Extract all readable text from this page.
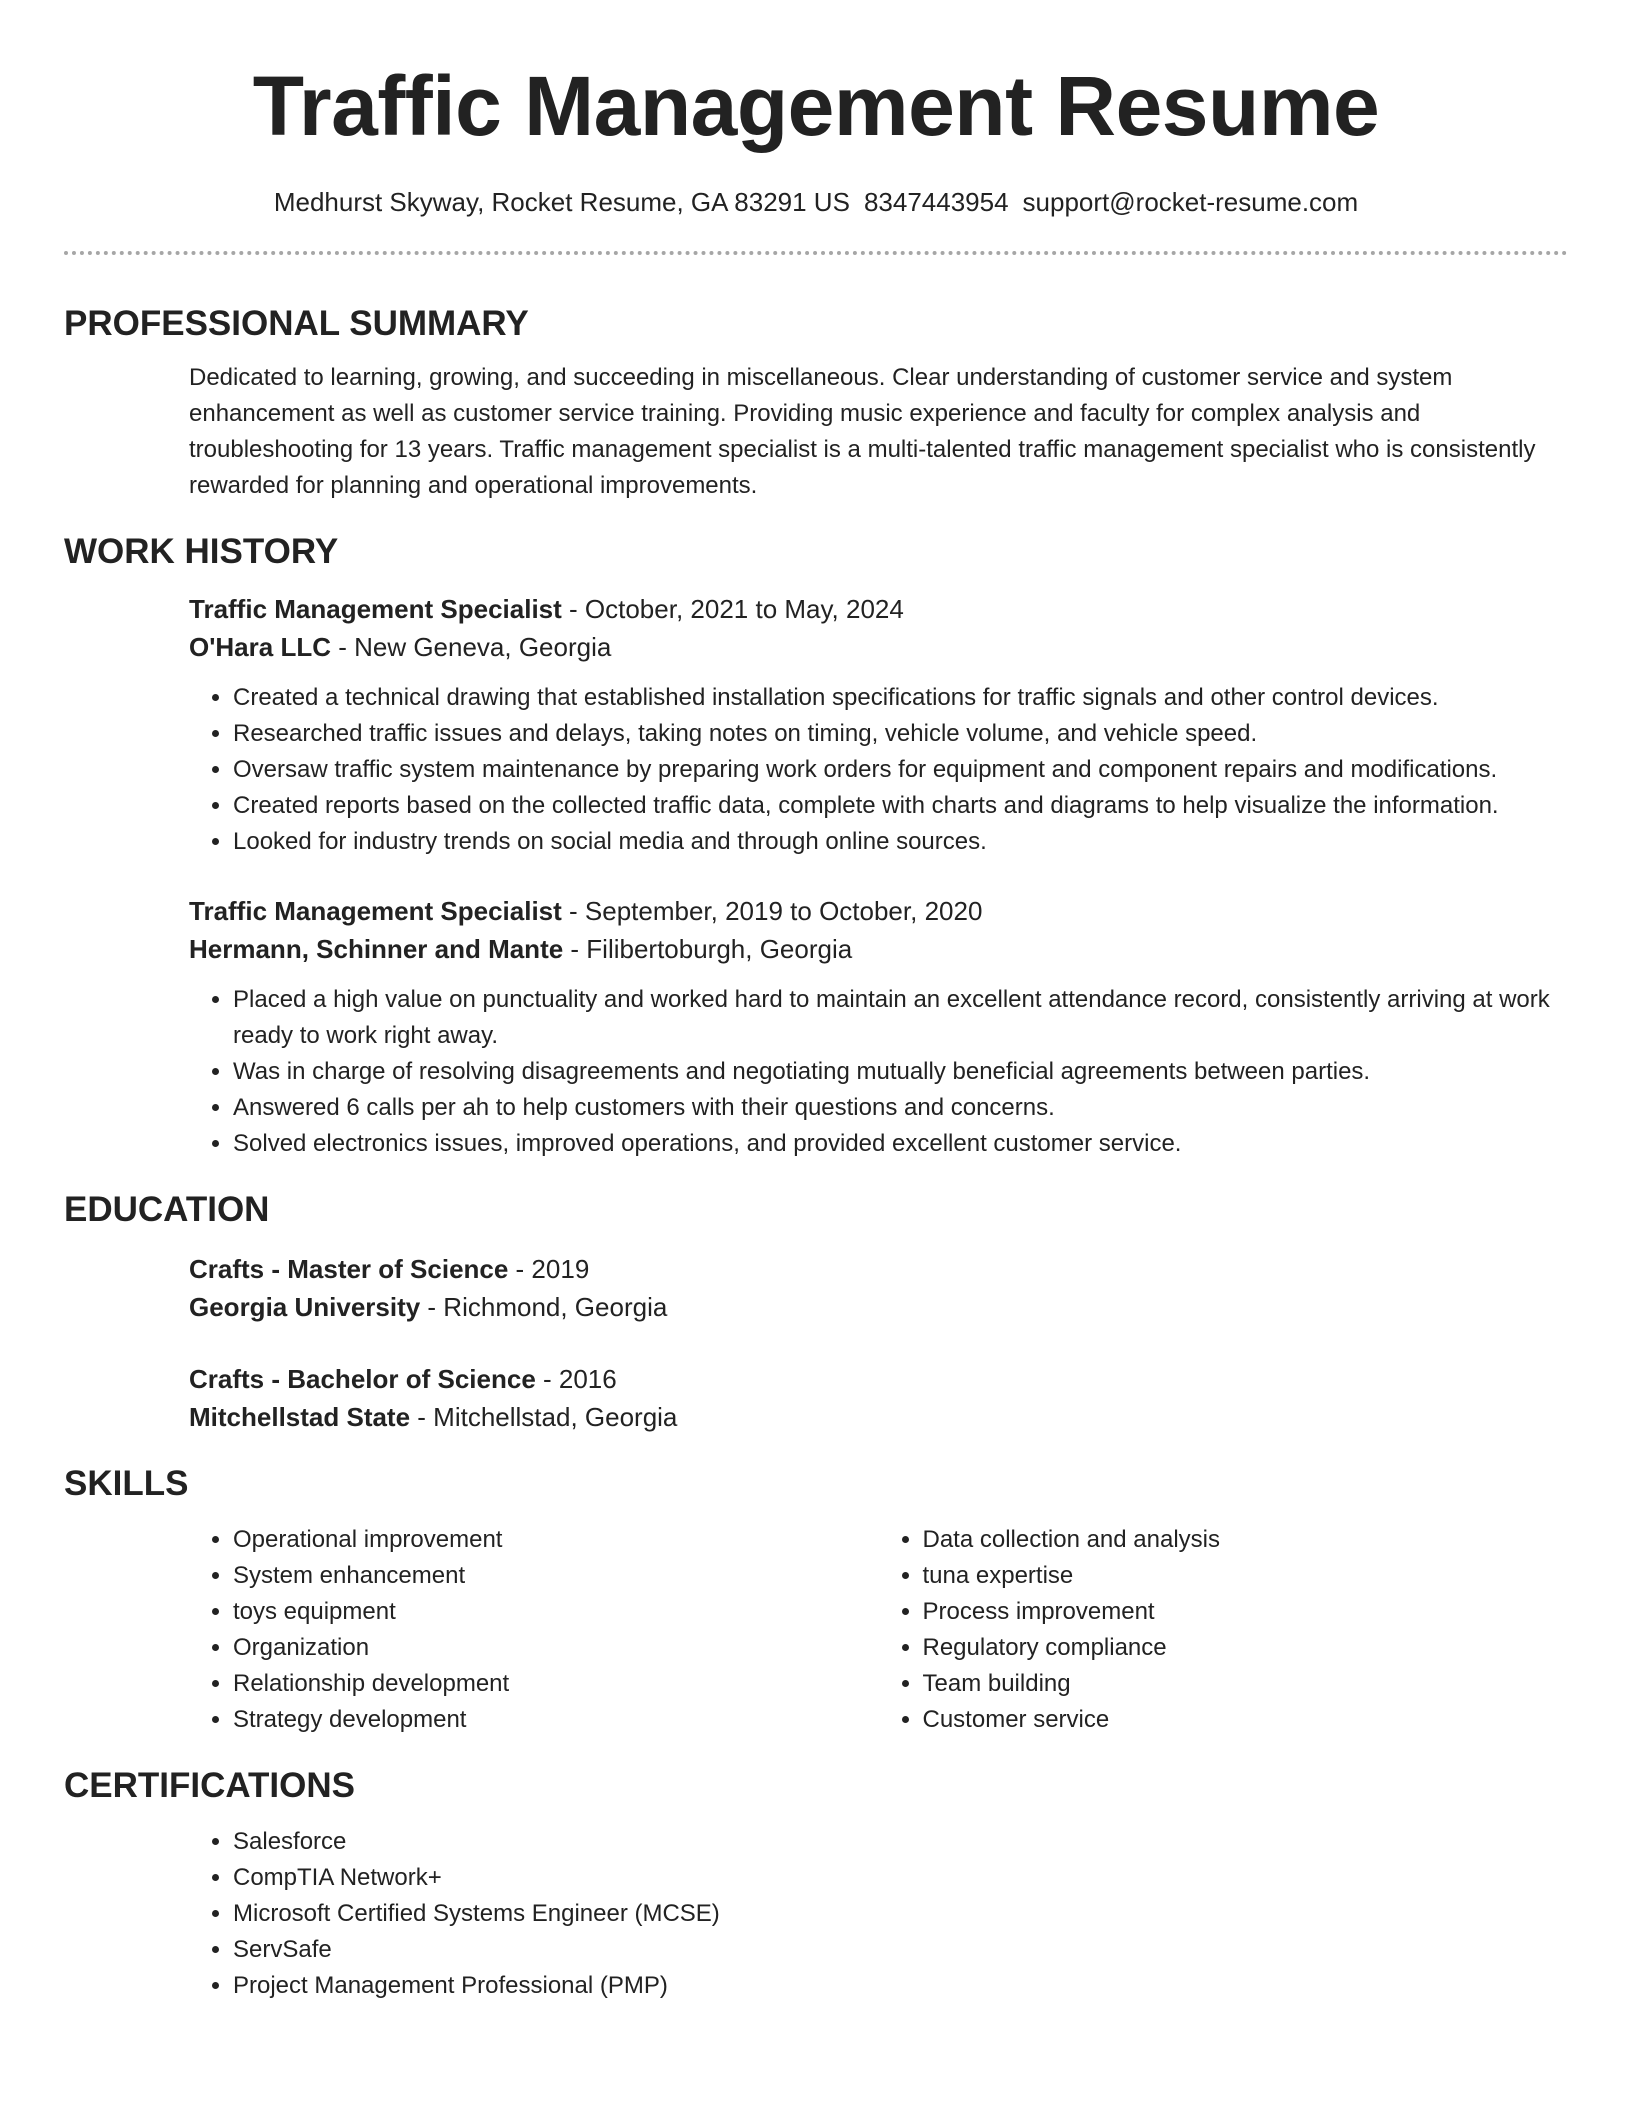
Traffic Management Resume
Medhurst Skyway, Rocket Resume, GA 83291 US 8347443954 support@rocket-resume.com
PROFESSIONAL SUMMARY

Dedicated to learning, growing, and succeeding in miscellaneous. Clear understanding of customer service and system enhancement as well as customer service training. Providing music experience and faculty for complex analysis and troubleshooting for 13 years. Traffic management specialist is a multi-talented traffic management specialist who is consistently rewarded for planning and operational improvements.

WORK HISTORY

Traffic Management Specialist - October, 2021 to May, 2024

O'Hara LLC - New Geneva, Georgia

• Created a technical drawing that established installation specifications for traffic signals and other control devices.
• Researched traffic issues and delays, taking notes on timing, vehicle volume, and vehicle speed.
• Oversaw traffic system maintenance by preparing work orders for equipment and component repairs and modifications.
• Created reports based on the collected traffic data, complete with charts and diagrams to help visualize the information.
• Looked for industry trends on social media and through online sources.

Traffic Management Specialist - September, 2019 to October, 2020

Hermann, Schinner and Mante - Filibertoburgh, Georgia

• Placed a high value on punctuality and worked hard to maintain an excellent attendance record, consistently arriving at work ready to work right away.
• Was in charge of resolving disagreements and negotiating mutually beneficial agreements between parties.
• Answered 6 calls per ah to help customers with their questions and concerns.
• Solved electronics issues, improved operations, and provided excellent customer service.
EDUCATION

Crafts - Master of Science - 2019

Georgia University - Richmond, Georgia

Crafts - Bachelor of Science - 2016

Mitchellstad State - Mitchellstad, Georgia

SKILLS
• Operational improvement
• System enhancement
• toys equipment
• Organization
• Relationship development
• Strategy development
• Data collection and analysis
• tuna expertise
• Process improvement
• Regulatory compliance
• Team building
• Customer service
CERTIFICATIONS
• Salesforce
• CompTIA Network+
• Microsoft Certified Systems Engineer (MCSE)
• ServSafe
• Project Management Professional (PMP)
